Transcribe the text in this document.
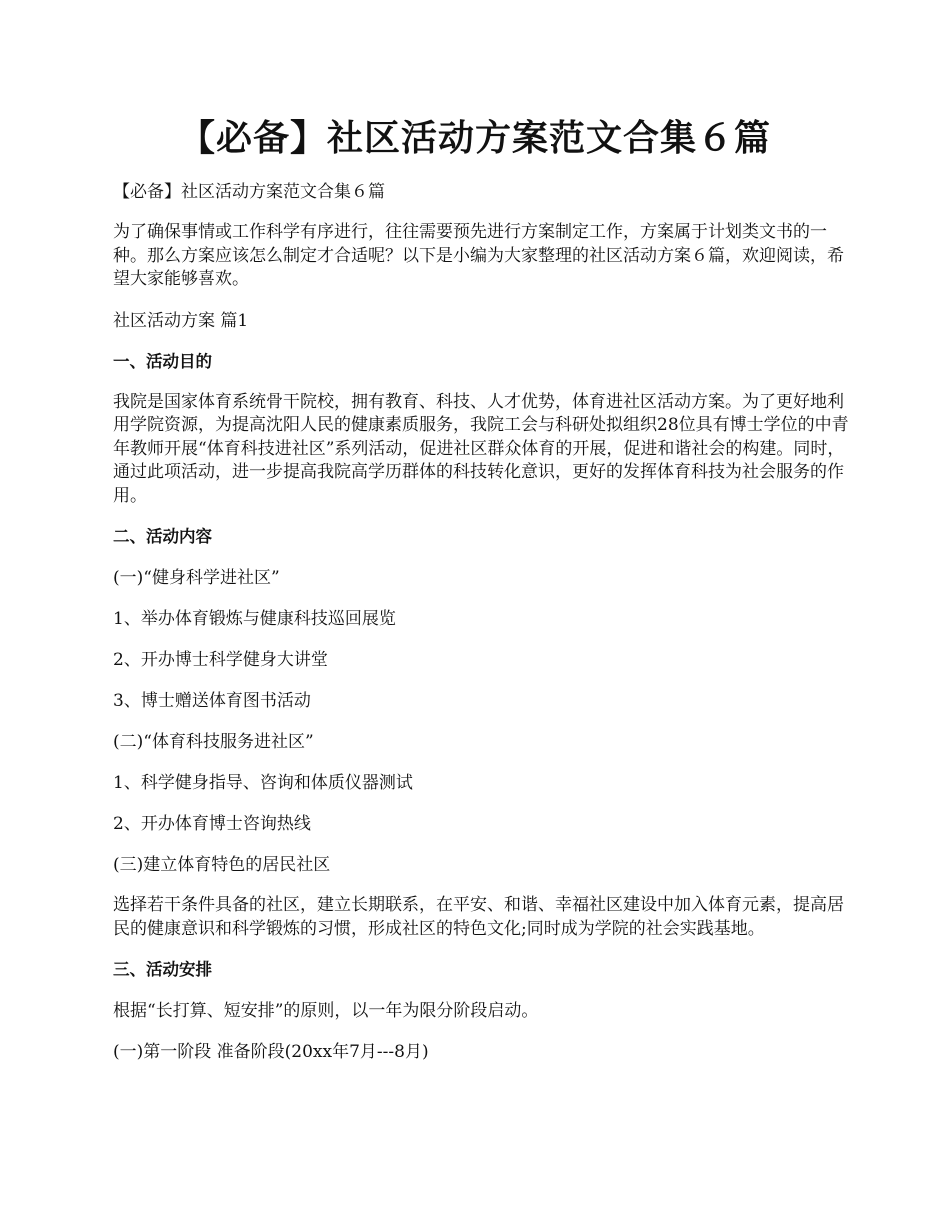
【必备】社区活动方案范文合集６篇

【必备】社区活动方案范文合集６篇

为了确保事情或工作科学有序进行，往往需要预先进行方案制定工作，方案属于计划类文书的一种。那么方案应该怎么制定才合适呢？以下是小编为大家整理的社区活动方案６篇，欢迎阅读，希望大家能够喜欢。

社区活动方案 篇1

一、活动目的

我院是国家体育系统骨干院校，拥有教育、科技、人才优势，体育进社区活动方案。为了更好地利用学院资源，为提高沈阳人民的健康素质服务，我院工会与科研处拟组织28位具有博士学位的中青年教师开展“体育科技进社区”系列活动，促进社区群众体育的开展，促进和谐社会的构建。同时，通过此项活动，进一步提高我院高学历群体的科技转化意识，更好的发挥体育科技为社会服务的作用。

二、活动内容

(一)“健身科学进社区”

1、举办体育锻炼与健康科技巡回展览

2、开办博士科学健身大讲堂

3、博士赠送体育图书活动

(二)“体育科技服务进社区”

1、科学健身指导、咨询和体质仪器测试

2、开办体育博士咨询热线

(三)建立体育特色的居民社区

选择若干条件具备的社区，建立长期联系，在平安、和谐、幸福社区建设中加入体育元素，提高居民的健康意识和科学锻炼的习惯，形成社区的特色文化;同时成为学院的社会实践基地。

三、活动安排

根据“长打算、短安排”的原则，以一年为限分阶段启动。

(一)第一阶段 准备阶段(20xx年7月---8月)
